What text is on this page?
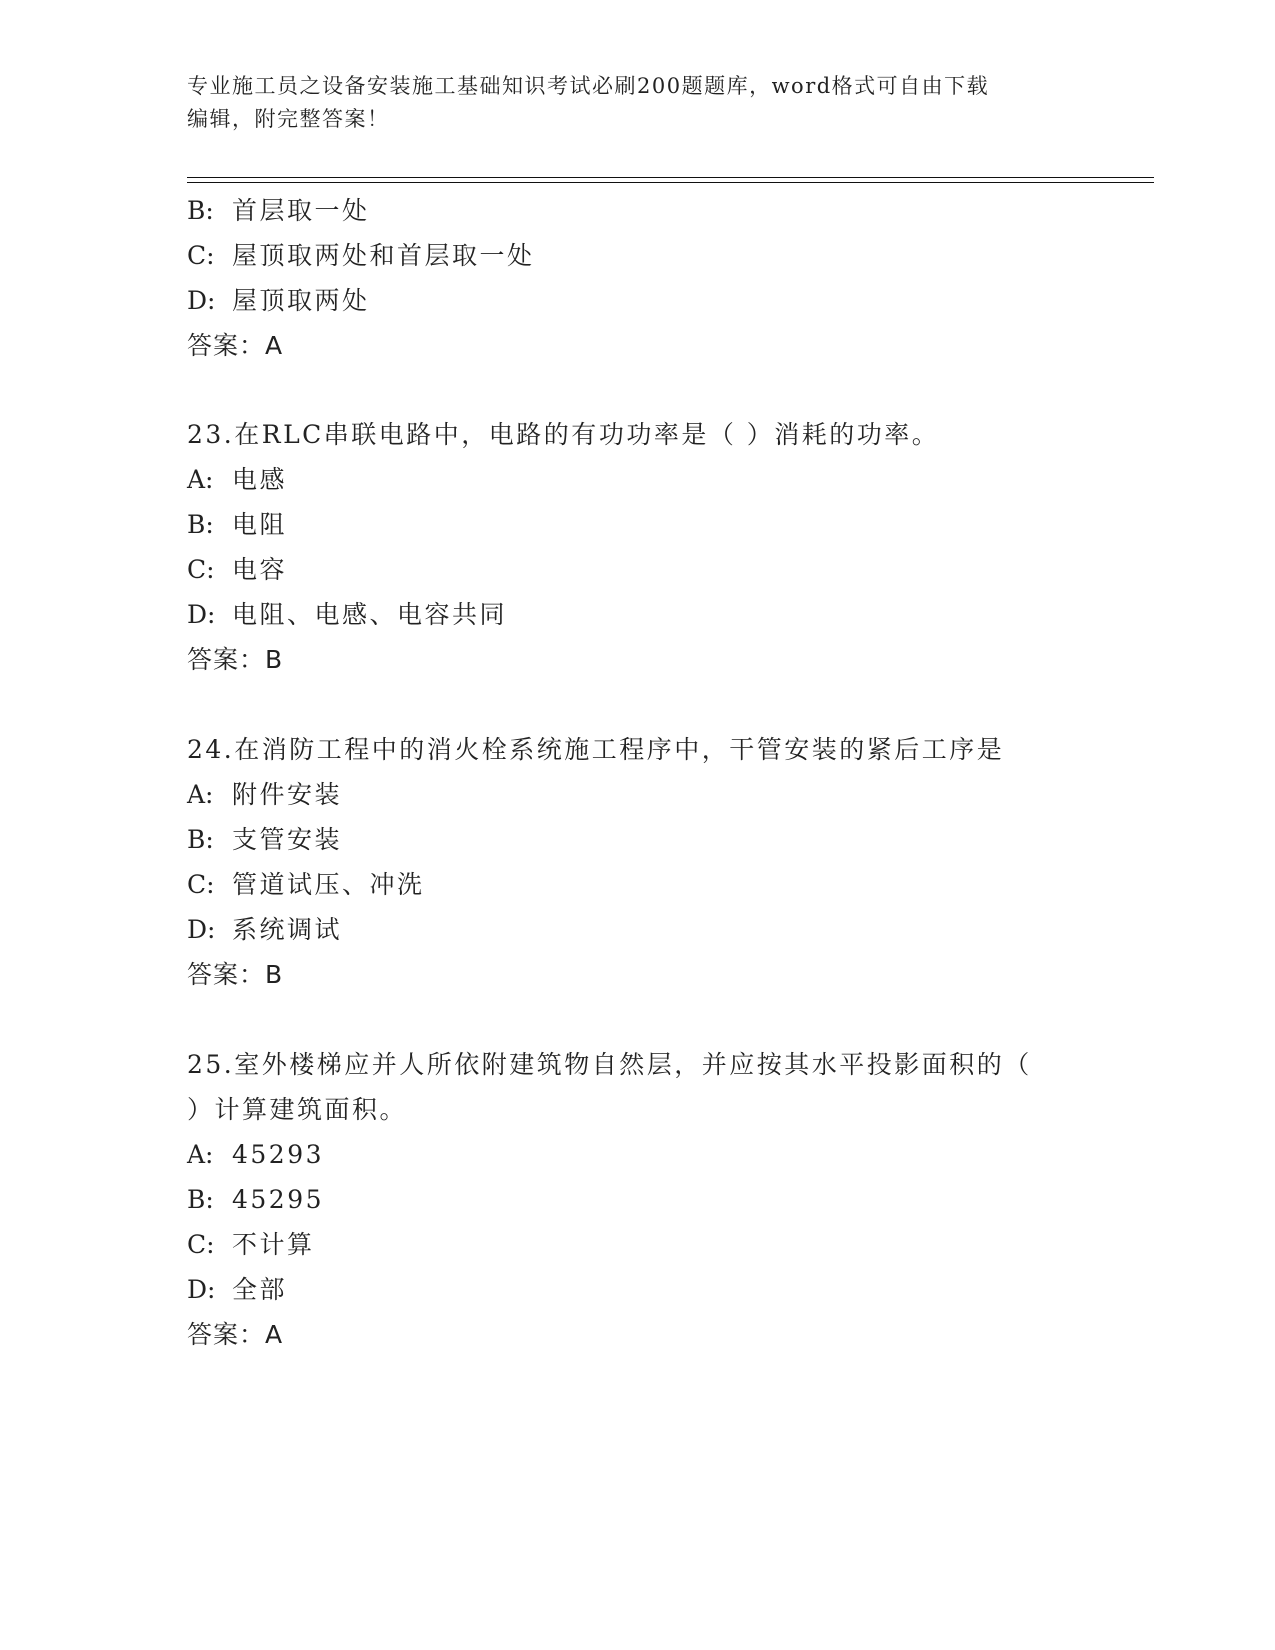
专业施工员之设备安装施工基础知识考试必刷200题题库，word格式可自由下载
编辑，附完整答案！
B: 首层取一处
C: 屋顶取两处和首层取一处
D: 屋顶取两处
答案：A
23.在RLC串联电路中，电路的有功功率是（ ）消耗的功率。
A: 电感
B: 电阻
C: 电容
D: 电阻、电感、电容共同
答案：B
24.在消防工程中的消火栓系统施工程序中，干管安装的紧后工序是
A: 附件安装
B: 支管安装
C: 管道试压、冲洗
D: 系统调试
答案：B
25.室外楼梯应并人所依附建筑物自然层，并应按其水平投影面积的（
）计算建筑面积。
A: 45293
B: 45295
C: 不计算
D: 全部
答案：A
